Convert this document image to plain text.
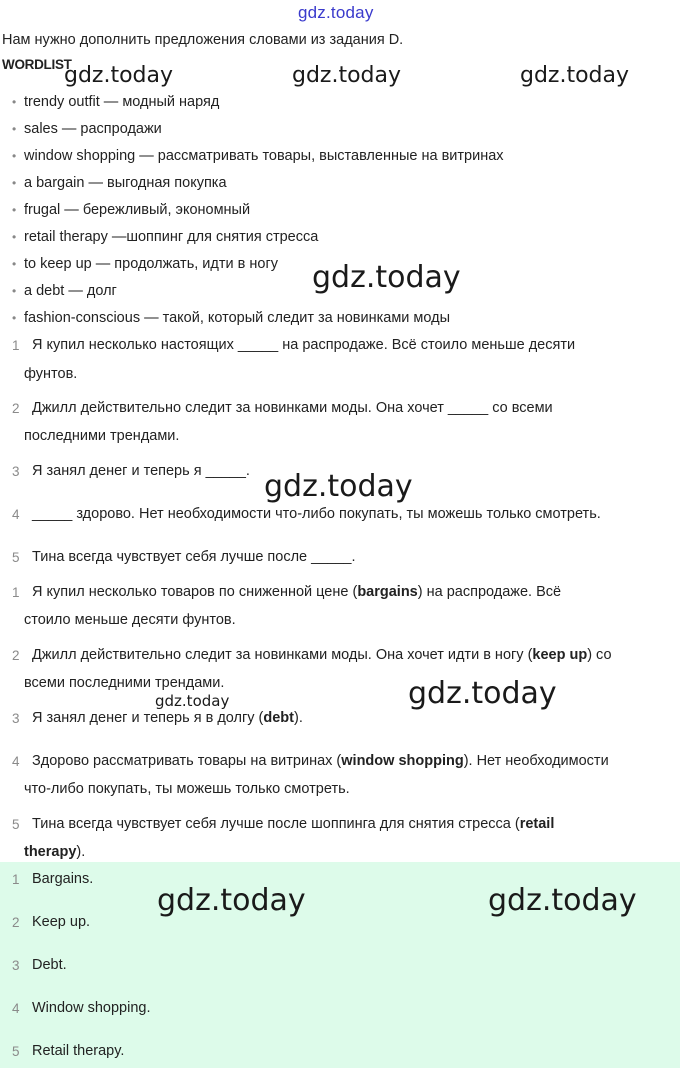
gdz.today
Нам нужно дополнить предложения словами из задания D.
WORDLIST
gdz.today	gdz.today	gdz.today
• trendy outfit — модный наряд
• sales — распродажи
• window shopping — рассматривать товары, выставленные на витринах
• a bargain — выгодная покупка
• frugal — бережливый, экономный
• retail therapy —шоппинг для снятия стресса
• to keep up — продолжать, идти в ногу
• a debt — долг
• fashion-conscious — такой, который следит за новинками моды
gdz.today
1 Я купил несколько настоящих _____ на распродаже. Всё стоило меньше десяти
фунтов.
2 Джилл действительно следит за новинками моды. Она хочет _____ со всеми
последними трендами.
3 Я занял денег и теперь я _____. gdz.today
4 _____ здорово. Нет необходимости что-либо покупать, ты можешь только смотреть.
5 Тина всегда чувствует себя лучше после _____.
1 Я купил несколько товаров по сниженной цене (bargains) на распродаже. Всё
стоило меньше десяти фунтов.
2 Джилл действительно следит за новинками моды. Она хочет идти в ногу (keep up) со
всеми последними трендами.
gdz.today	gdz.today
3 Я занял денег и теперь я в долгу (debt).
4 Здорово рассматривать товары на витринах (window shopping). Нет необходимости
что-либо покупать, ты можешь только смотреть.
5 Тина всегда чувствует себя лучше после шоппинга для снятия стресса (retail
therapy).
1 Bargains.
gdz.today	gdz.today
2 Keep up.
3 Debt.
4 Window shopping.
5 Retail therapy.
